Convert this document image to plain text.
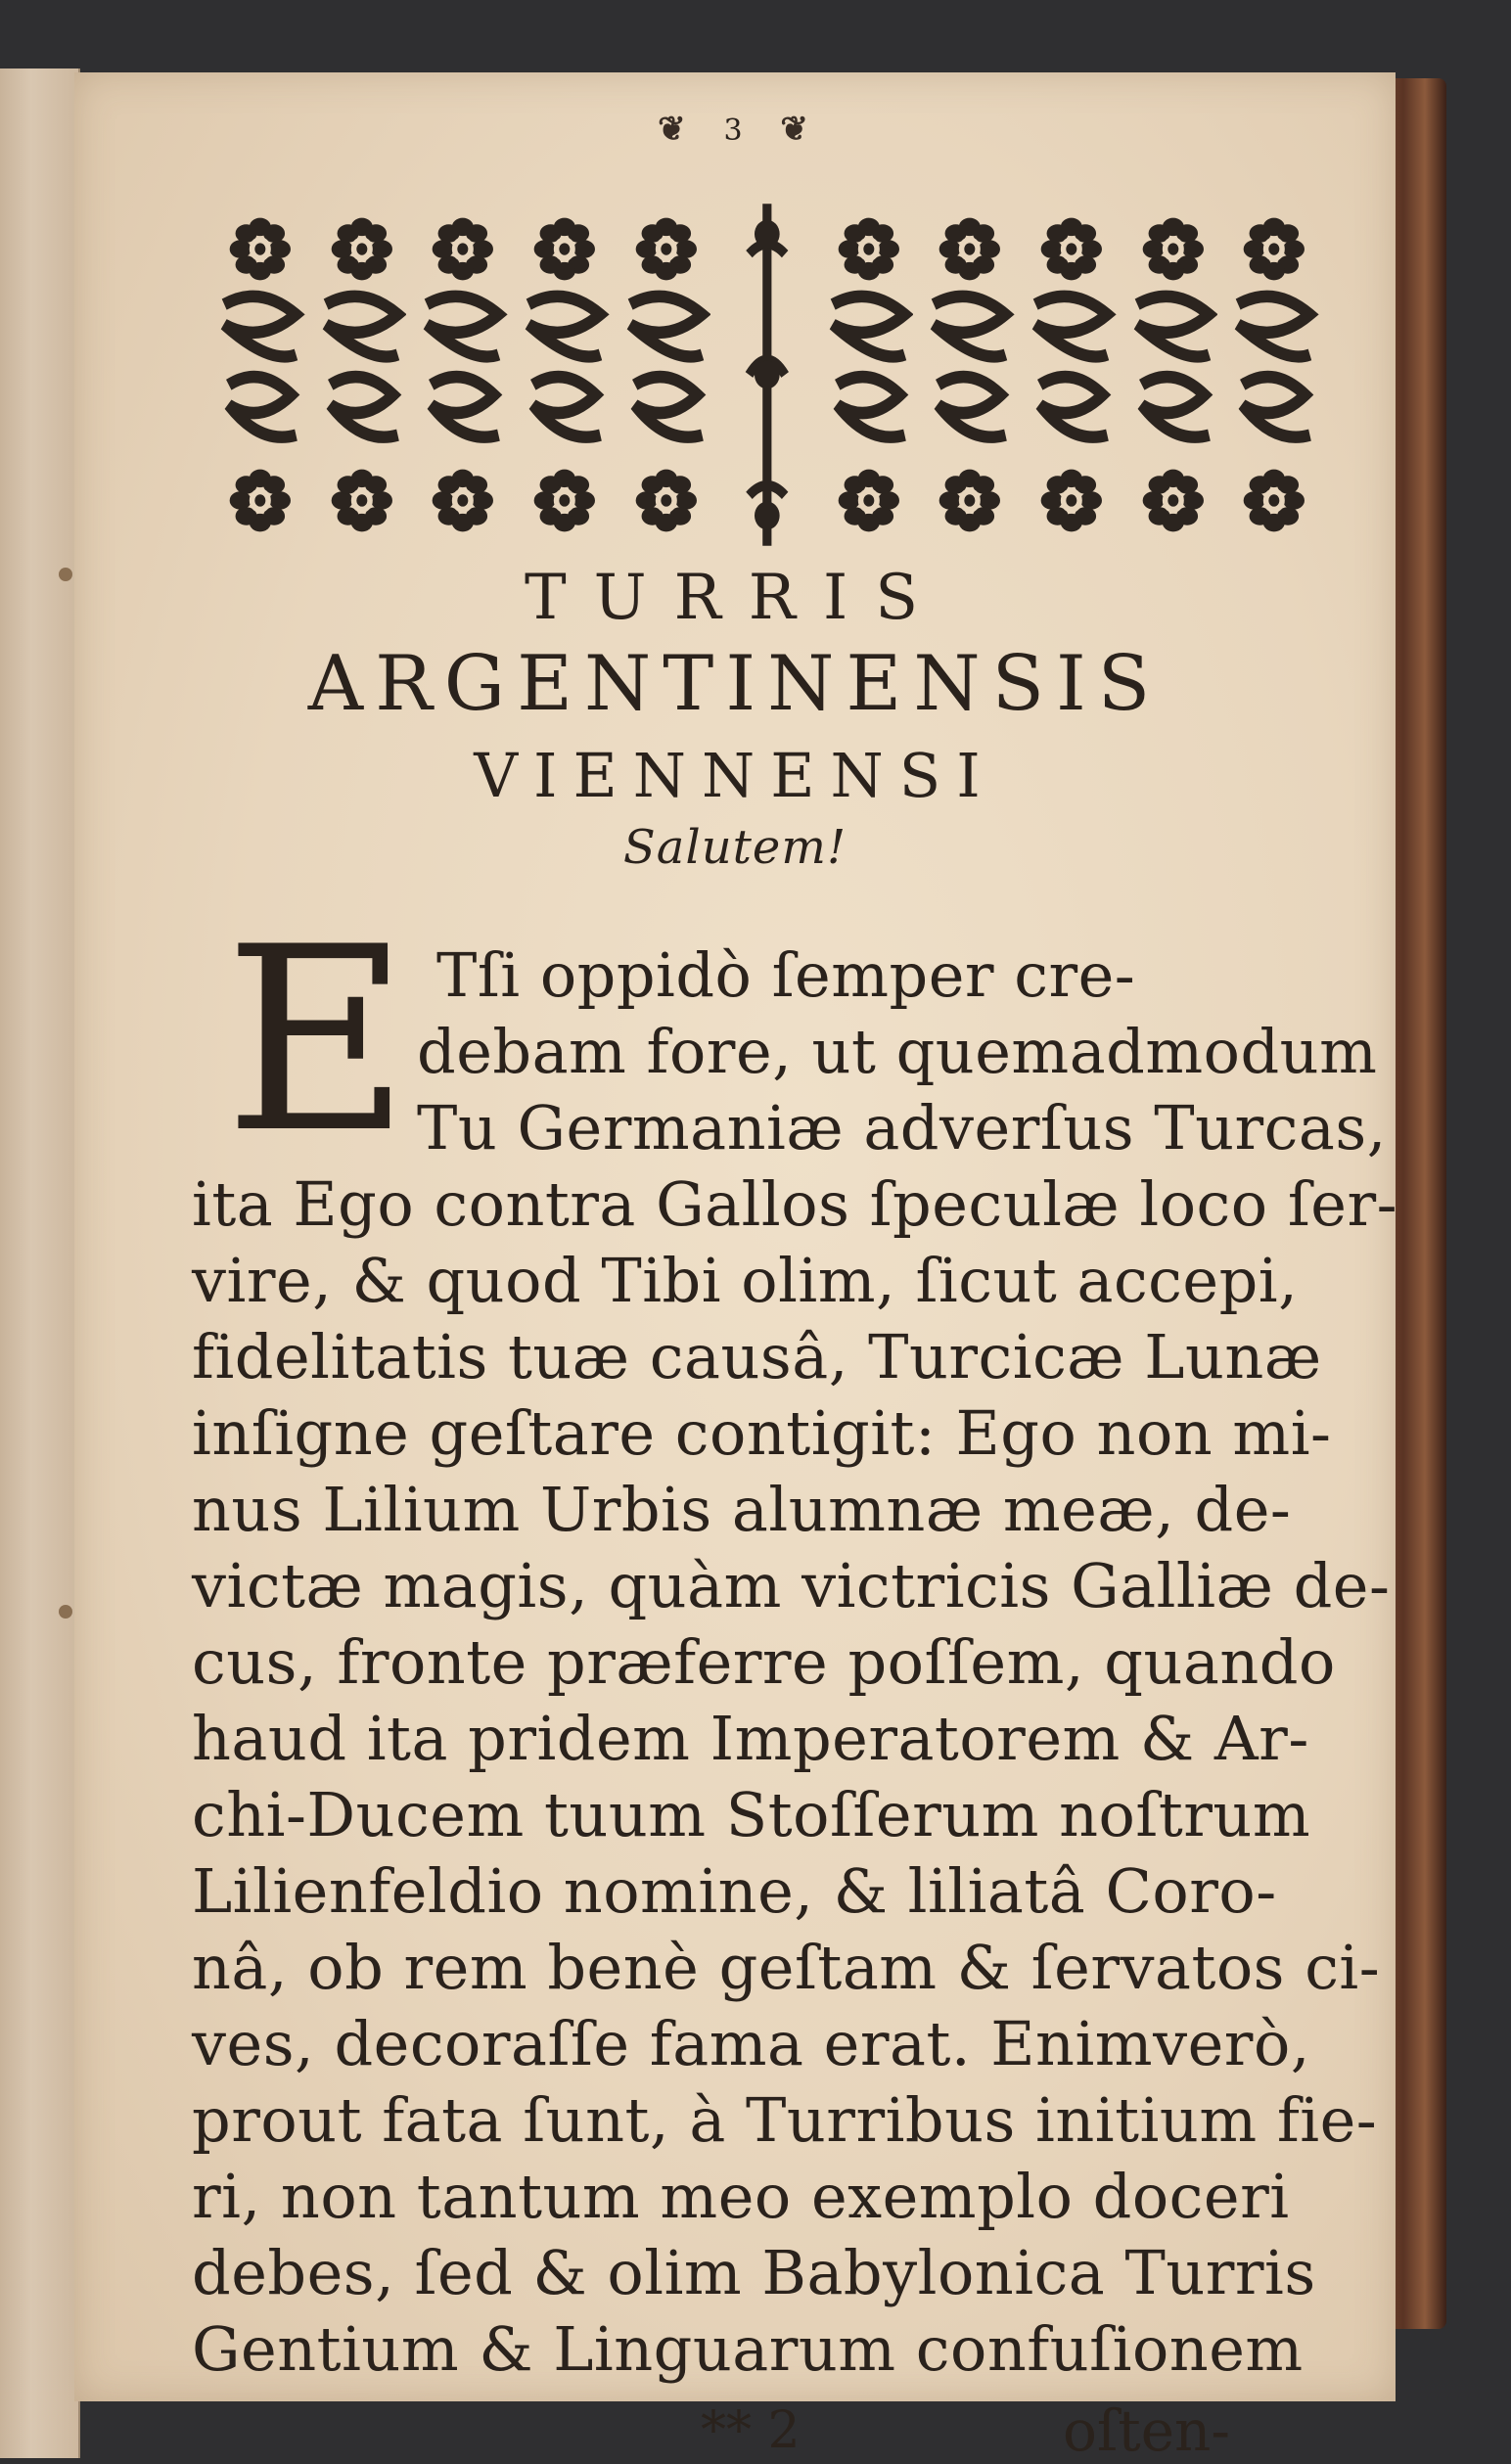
❦ 3 ❦
TURRIS
ARGENTINENSIS
VIENNENSI
Salutem!
E Tſi oppidò ſemper cre-
debam fore, ut quemadmodum
Tu Germaniæ adverſus Turcas,
ita Ego contra Gallos ſpeculæ loco ſer-
vire, & quod Tibi olim, ſicut accepi,
fidelitatis tuæ causâ, Turcicæ Lunæ
inſigne geſtare contigit: Ego non mi-
nus Lilium Urbis alumnæ meæ, de-
victæ magis, quàm victricis Galliæ de-
cus, fronte præferre poſſem, quando
haud ita pridem Imperatorem & Ar-
chi-Ducem tuum Stoſſerum noſtrum
Lilienfeldio nomine, & liliatâ Coro-
nâ, ob rem benè geſtam & ſervatos ci-
ves, decoraſſe fama erat. Enimverò,
prout fata ſunt, à Turribus initium fie-
ri, non tantum meo exemplo doceri
debes, ſed & olim Babylonica Turris
** 2	oſten-
Gentium & Linguarum confuſionem
